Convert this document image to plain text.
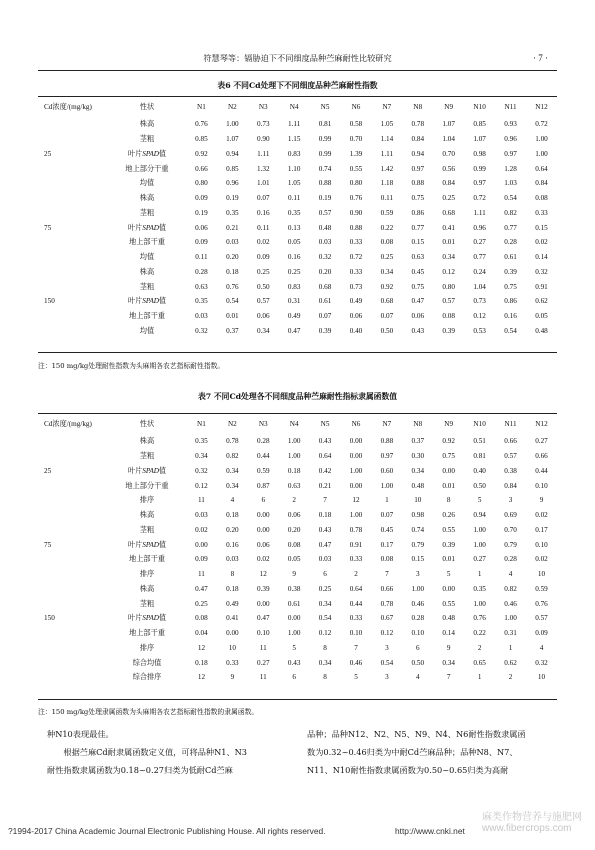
符慧琴等：镉胁迫下不同细度品种苎麻耐性比较研究	· 7 ·
表6 不同Cd处理下不同细度品种苎麻耐性指数
Cd浓度/(mg/kg)	性状	N1	N2	N3	N4	N5	N6	N7	N8	N9	N10	N11	N12
25	株高	0.76	1.00	0.73	1.11	0.81	0.58	1.05	0.78	1.07	0.85	0.93	0.72
	茎粗	0.85	1.07	0.90	1.15	0.99	0.70	1.14	0.84	1.04	1.07	0.96	1.00
	叶片SPAD值	0.92	0.94	1.11	0.83	0.99	1.39	1.11	0.94	0.70	0.98	0.97	1.00
	地上部分干重	0.66	0.85	1.32	1.10	0.74	0.55	1.42	0.97	0.56	0.99	1.28	0.64
	均值	0.80	0.96	1.01	1.05	0.88	0.80	1.18	0.88	0.84	0.97	1.03	0.84
75	株高	0.09	0.19	0.07	0.11	0.19	0.76	0.11	0.75	0.25	0.72	0.54	0.08
	茎粗	0.19	0.35	0.16	0.35	0.57	0.90	0.59	0.86	0.68	1.11	0.82	0.33
	叶片SPAD值	0.06	0.21	0.11	0.13	0.48	0.88	0.22	0.77	0.41	0.96	0.77	0.15
	地上部干重	0.09	0.03	0.02	0.05	0.03	0.33	0.08	0.15	0.01	0.27	0.28	0.02
	均值	0.11	0.20	0.09	0.16	0.32	0.72	0.25	0.63	0.34	0.77	0.61	0.14
150	株高	0.28	0.18	0.25	0.25	0.20	0.33	0.34	0.45	0.12	0.24	0.39	0.32
	茎粗	0.63	0.76	0.50	0.83	0.68	0.73	0.92	0.75	0.80	1.04	0.75	0.91
	叶片SPAD值	0.35	0.54	0.57	0.31	0.61	0.49	0.68	0.47	0.57	0.73	0.86	0.62
	地上部干重	0.03	0.01	0.06	0.49	0.07	0.06	0.07	0.06	0.08	0.12	0.16	0.05
	均值	0.32	0.37	0.34	0.47	0.39	0.40	0.50	0.43	0.39	0.53	0.54	0.48
注：150 mg/kg处理耐性指数为头麻期各农艺指标耐性指数。
表7 不同Cd处理各不同细度品种苎麻耐性指标隶属函数值
Cd浓度/(mg/kg)	性状	N1	N2	N3	N4	N5	N6	N7	N8	N9	N10	N11	N12
25	株高	0.35	0.78	0.28	1.00	0.43	0.00	0.88	0.37	0.92	0.51	0.66	0.27
	茎粗	0.34	0.82	0.44	1.00	0.64	0.00	0.97	0.30	0.75	0.81	0.57	0.66
	叶片SPAD值	0.32	0.34	0.59	0.18	0.42	1.00	0.60	0.34	0.00	0.40	0.38	0.44
	地上部分干重	0.12	0.34	0.87	0.63	0.21	0.00	1.00	0.48	0.01	0.50	0.84	0.10
	排序	11	4	6	2	7	12	1	10	8	5	3	9
75	株高	0.03	0.18	0.00	0.06	0.18	1.00	0.07	0.98	0.26	0.94	0.69	0.02
	茎粗	0.02	0.20	0.00	0.20	0.43	0.78	0.45	0.74	0.55	1.00	0.70	0.17
	叶片SPAD值	0.00	0.16	0.06	0.08	0.47	0.91	0.17	0.79	0.39	1.00	0.79	0.10
	地上部干重	0.09	0.03	0.02	0.05	0.03	0.33	0.08	0.15	0.01	0.27	0.28	0.02
	排序	11	8	12	9	6	2	7	3	5	1	4	10
150	株高	0.47	0.18	0.39	0.38	0.25	0.64	0.66	1.00	0.00	0.35	0.82	0.59
	茎粗	0.25	0.49	0.00	0.61	0.34	0.44	0.78	0.46	0.55	1.00	0.46	0.76
	叶片SPAD值	0.08	0.41	0.47	0.00	0.54	0.33	0.67	0.28	0.48	0.76	1.00	0.57
	地上部干重	0.04	0.00	0.10	1.00	0.12	0.10	0.12	0.10	0.14	0.22	0.31	0.09
	排序	12	10	11	5	8	7	3	6	9	2	1	4
	综合均值	0.18	0.33	0.27	0.43	0.34	0.46	0.54	0.50	0.34	0.65	0.62	0.32
	综合排序	12	9	11	6	8	5	3	4	7	1	2	10
注：150 mg/kg处理隶属函数为头麻期各农艺指标耐性指数的隶属函数。
种N10表现最佳。
　　根据苎麻Cd耐隶属函数定义值，可将品种N1、N3
耐性指数隶属函数为0.18~0.27归类为低耐Cd苎麻
品种；品种N12、N2、N5、N9、N4、N6耐性指数隶属函
数为0.32~0.46归类为中耐Cd苎麻品种；品种N8、N7、
N11、N10耐性指数隶属函数为0.50~0.65归类为高耐
麻类作物营养与施肥网
www.fibercrops.com
?1994-2017 China Academic Journal Electronic Publishing House. All rights reserved.	http://www.cnki.net
